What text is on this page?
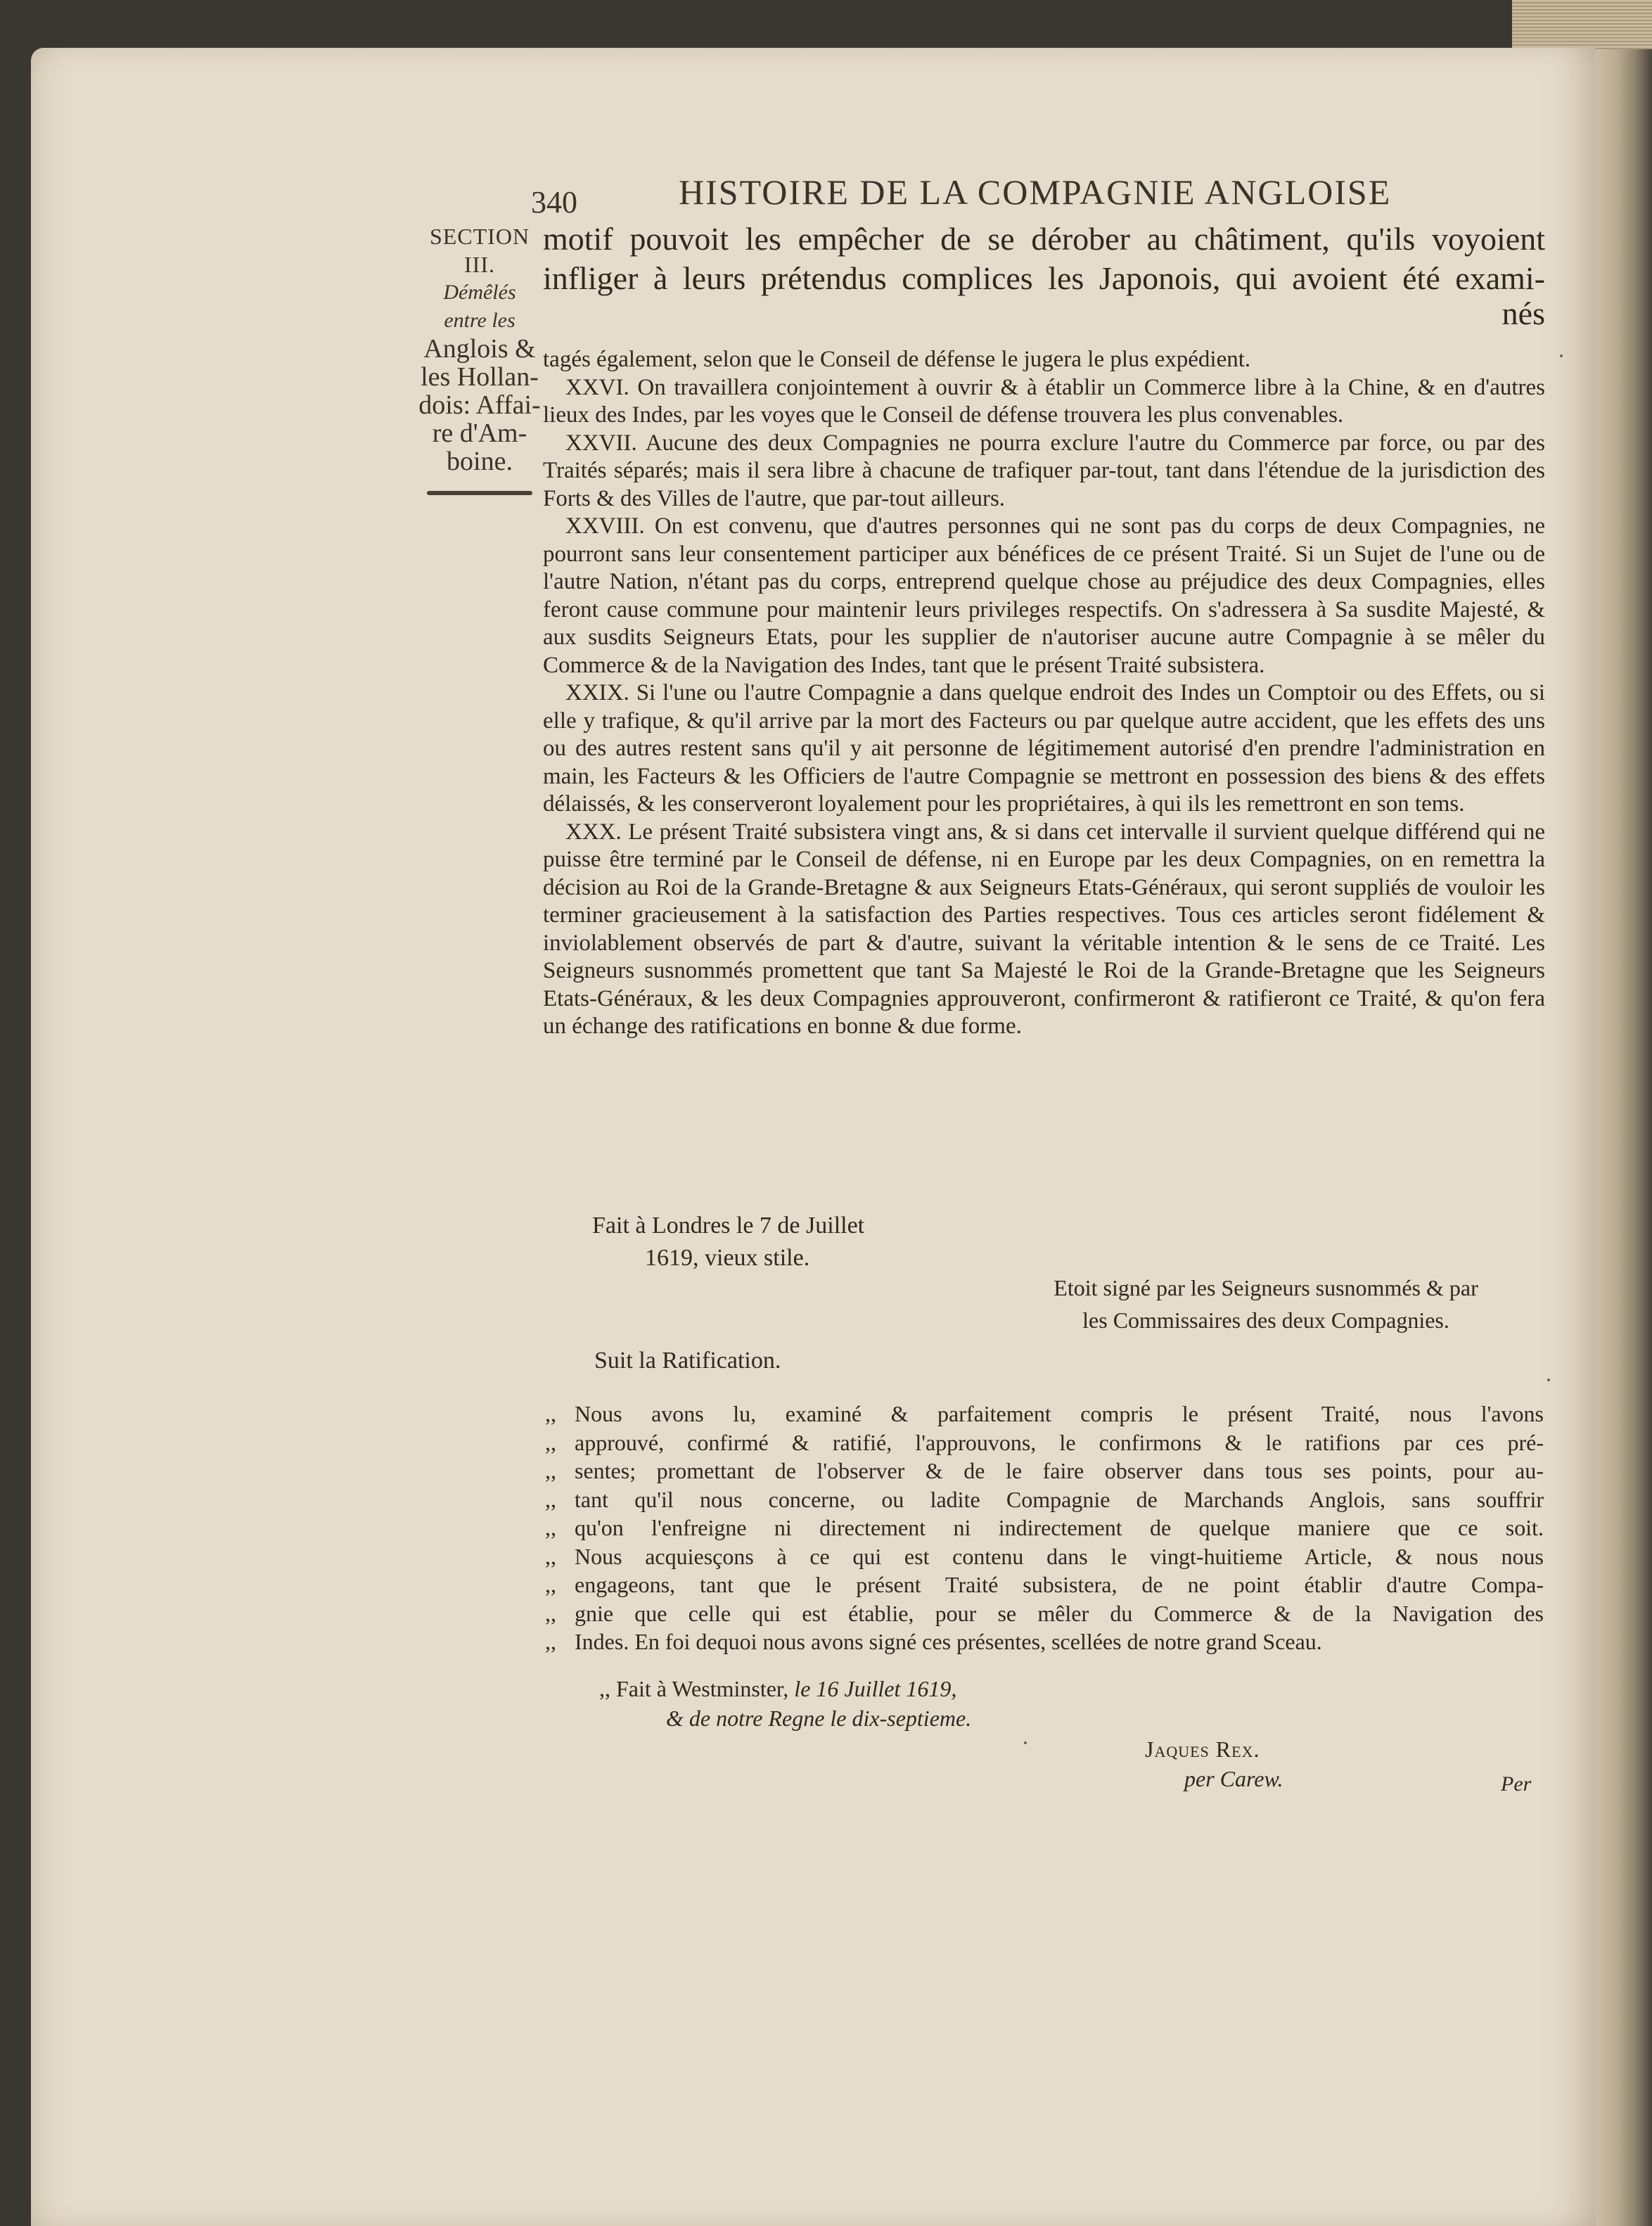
340	HISTOIRE DE LA COMPAGNIE ANGLOISE
SECTION
III.
Démêlés
entre les
Anglois &
les Hollan-
dois: Affai-
re d'Am-
boine.

motif pouvoit les empêcher de se dérober au châtiment, qu'ils voyoient

infliger à leurs prétendus complices les Japonois, qui avoient été exami-

nés

tagés également, selon que le Conseil de défense le jugera le plus expédient.

XXVI. On travaillera conjointement à ouvrir & à établir un Commerce libre à la Chine, & en d'autres lieux des Indes, par les voyes que le Conseil de défense trouvera les plus convenables.

XXVII. Aucune des deux Compagnies ne pourra exclure l'autre du Commerce par force, ou par des Traités séparés; mais il sera libre à chacune de trafiquer par-tout, tant dans l'étendue de la jurisdiction des Forts & des Villes de l'autre, que par-tout ailleurs.

XXVIII. On est convenu, que d'autres personnes qui ne sont pas du corps de deux Compagnies, ne pourront sans leur consentement participer aux bénéfices de ce présent Traité. Si un Sujet de l'une ou de l'autre Nation, n'étant pas du corps, entreprend quelque chose au préjudice des deux Compagnies, elles feront cause commune pour maintenir leurs privileges respectifs. On s'adressera à Sa susdite Majesté, & aux susdits Seigneurs Etats, pour les supplier de n'autoriser aucune autre Compagnie à se mêler du Commerce & de la Navigation des Indes, tant que le présent Traité subsistera.

XXIX. Si l'une ou l'autre Compagnie a dans quelque endroit des Indes un Comptoir ou des Effets, ou si elle y trafique, & qu'il arrive par la mort des Facteurs ou par quelque autre accident, que les effets des uns ou des autres restent sans qu'il y ait personne de légitimement autorisé d'en prendre l'administration en main, les Facteurs & les Officiers de l'autre Compagnie se mettront en possession des biens & des effets délaissés, & les conserveront loyalement pour les propriétaires, à qui ils les remettront en son tems.

XXX. Le présent Traité subsistera vingt ans, & si dans cet intervalle il survient quelque différend qui ne puisse être terminé par le Conseil de défense, ni en Europe par les deux Compagnies, on en remettra la décision au Roi de la Grande-Bretagne & aux Seigneurs Etats-Généraux, qui seront suppliés de vouloir les terminer gracieusement à la satisfaction des Parties respectives. Tous ces articles seront fidélement & inviolablement observés de part & d'autre, suivant la véritable intention & le sens de ce Traité. Les Seigneurs susnommés promettent que tant Sa Majesté le Roi de la Grande-Bretagne que les Seigneurs Etats-Généraux, & les deux Compagnies approuveront, confirmeront & ratifieront ce Traité, & qu'on fera un échange des ratifications en bonne & due forme.

Fait à Londres le 7 de Juillet
1619, vieux stile.
Etoit signé par les Seigneurs susnommés & par
les Commissaires des deux Compagnies.
Suit la Ratification.
,, Nous avons lu, examiné & parfaitement compris le présent Traité, nous l'avons
,, approuvé, confirmé & ratifié, l'approuvons, le confirmons & le ratifions par ces pré-
,, sentes; promettant de l'observer & de le faire observer dans tous ses points, pour au-
,, tant qu'il nous concerne, ou ladite Compagnie de Marchands Anglois, sans souffrir
,, qu'on l'enfreigne ni directement ni indirectement de quelque maniere que ce soit.
,, Nous acquiesçons à ce qui est contenu dans le vingt-huitieme Article, & nous nous
,, engageons, tant que le présent Traité subsistera, de ne point établir d'autre Compa-
,, gnie que celle qui est établie, pour se mêler du Commerce & de la Navigation des
,, Indes. En foi dequoi nous avons signé ces présentes, scellées de notre grand Sceau.
,, Fait à Westminster, le 16 Juillet 1619,
& de notre Regne le dix-septieme.
Jaques Rex.
per Carew.	Per
